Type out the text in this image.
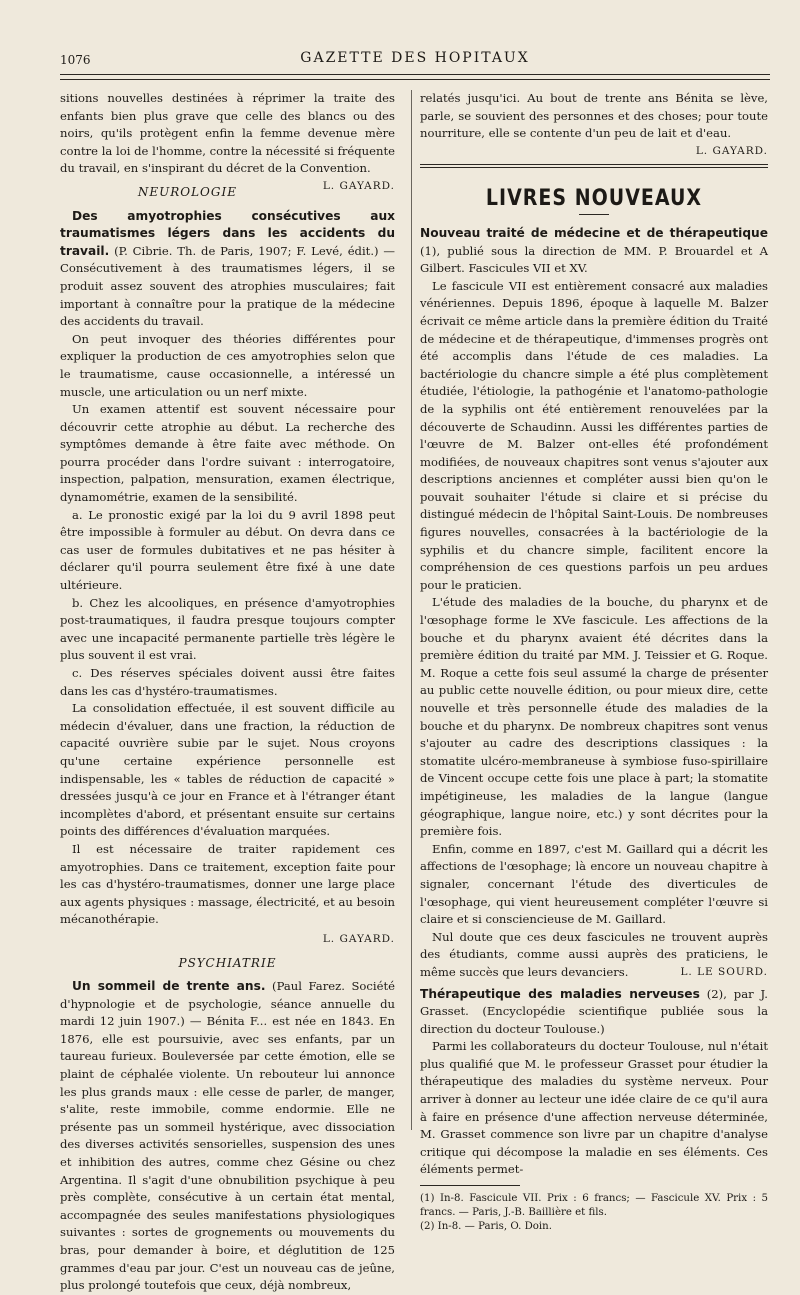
1076	GAZETTE DES HOPITAUX

sitions nouvelles destinées à réprimer la traite des enfants bien plus grave que celle des blancs ou des noirs, qu'ils protègent enfin la femme devenue mère contre la loi de l'homme, contre la nécessité si fréquente du travail, en s'inspirant du décret de la Convention.
L. GAYARD.

NEUROLOGIE

Des amyotrophies consécutives aux traumatismes légers dans les accidents du travail. (P. Cibrie. Th. de Paris, 1907; F. Levé, édit.) — Consécutivement à des traumatismes légers, il se produit assez souvent des atrophies musculaires; fait important à connaître pour la pratique de la médecine des accidents du travail.

On peut invoquer des théories différentes pour expliquer la production de ces amyotrophies selon que le traumatisme, cause occasionnelle, a intéressé un muscle, une articulation ou un nerf mixte.

Un examen attentif est souvent nécessaire pour découvrir cette atrophie au début. La recherche des symptômes demande à être faite avec méthode. On pourra procéder dans l'ordre suivant : interrogatoire, inspection, palpation, mensuration, examen électrique, dynamométrie, examen de la sensibilité.

a. Le pronostic exigé par la loi du 9 avril 1898 peut être impossible à formuler au début. On devra dans ce cas user de formules dubitatives et ne pas hésiter à déclarer qu'il pourra seulement être fixé à une date ultérieure.

b. Chez les alcooliques, en présence d'amyotrophies post-traumatiques, il faudra presque toujours compter avec une incapacité permanente partielle très légère le plus souvent il est vrai.

c. Des réserves spéciales doivent aussi être faites dans les cas d'hystéro-traumatismes.

La consolidation effectuée, il est souvent difficile au médecin d'évaluer, dans une fraction, la réduction de capacité ouvrière subie par le sujet. Nous croyons qu'une certaine expérience personnelle est indispensable, les « tables de réduction de capacité » dressées jusqu'à ce jour en France et à l'étranger étant incomplètes d'abord, et présentant ensuite sur certains points des différences d'évaluation marquées.

Il est nécessaire de traiter rapidement ces amyotrophies. Dans ce traitement, exception faite pour les cas d'hystéro-traumatismes, donner une large place aux agents physiques : massage, électricité, et au besoin mécanothérapie.

L. GAYARD.
PSYCHIATRIE

Un sommeil de trente ans. (Paul Farez. Société d'hypnologie et de psychologie, séance annuelle du mardi 12 juin 1907.) — Bénita F... est née en 1843. En 1876, elle est poursuivie, avec ses enfants, par un taureau furieux. Bouleversée par cette émotion, elle se plaint de céphalée violente. Un rebouteur lui annonce les plus grands maux : elle cesse de parler, de manger, s'alite, reste immobile, comme endormie. Elle ne présente pas un sommeil hystérique, avec dissociation des diverses activités sensorielles, suspension des unes et inhibition des autres, comme chez Gésine ou chez Argentina. Il s'agit d'une obnubilition psychique à peu près complète, consécutive à un certain état mental, accompagnée des seules manifestations physiologiques suivantes : sortes de grognements ou mouvements du bras, pour demander à boire, et déglutition de 125 grammes d'eau par jour. C'est un nouveau cas de jeûne, plus prolongé toutefois que ceux, déjà nombreux,

relatés jusqu'ici. Au bout de trente ans Bénita se lève, parle, se souvient des personnes et des choses; pour toute nourriture, elle se contente d'un peu de lait et d'eau.
L. GAYARD.

LIVRES NOUVEAUX

Nouveau traité de médecine et de thérapeutique (1), publié sous la direction de MM. P. Brouardel et A Gilbert. Fascicules VII et XV.

Le fascicule VII est entièrement consacré aux maladies vénériennes. Depuis 1896, époque à laquelle M. Balzer écrivait ce même article dans la première édition du Traité de médecine et de thérapeutique, d'immenses progrès ont été accomplis dans l'étude de ces maladies. La bactériologie du chancre simple a été plus complètement étudiée, l'étiologie, la pathogénie et l'anatomo-pathologie de la syphilis ont été entièrement renouvelées par la découverte de Schaudinn. Aussi les différentes parties de l'œuvre de M. Balzer ont-elles été profondément modifiées, de nouveaux chapitres sont venus s'ajouter aux descriptions anciennes et compléter aussi bien qu'on le pouvait souhaiter l'étude si claire et si précise du distingué médecin de l'hôpital Saint-Louis. De nombreuses figures nouvelles, consacrées à la bactériologie de la syphilis et du chancre simple, facilitent encore la compréhension de ces questions parfois un peu ardues pour le praticien.

L'étude des maladies de la bouche, du pharynx et de l'œsophage forme le XVe fascicule. Les affections de la bouche et du pharynx avaient été décrites dans la première édition du traité par MM. J. Teissier et G. Roque. M. Roque a cette fois seul assumé la charge de présenter au public cette nouvelle édition, ou pour mieux dire, cette nouvelle et très personnelle étude des maladies de la bouche et du pharynx. De nombreux chapitres sont venus s'ajouter au cadre des descriptions classiques : la stomatite ulcéro-membraneuse à symbiose fuso-spirillaire de Vincent occupe cette fois une place à part; la stomatite impétigineuse, les maladies de la langue (langue géographique, langue noire, etc.) y sont décrites pour la première fois.

Enfin, comme en 1897, c'est M. Gaillard qui a décrit les affections de l'œsophage; là encore un nouveau chapitre à signaler, concernant l'étude des diverticules de l'œsophage, qui vient heureusement compléter l'œuvre si claire et si consciencieuse de M. Gaillard.

Nul doute que ces deux fascicules ne trouvent auprès des étudiants, comme aussi auprès des praticiens, le même succès que leurs devanciers.	L. LE SOURD.

Thérapeutique des maladies nerveuses (2), par J. Grasset. (Encyclopédie scientifique publiée sous la direction du docteur Toulouse.)

Parmi les collaborateurs du docteur Toulouse, nul n'était plus qualifié que M. le professeur Grasset pour étudier la thérapeutique des maladies du système nerveux. Pour arriver à donner au lecteur une idée claire de ce qu'il aura à faire en présence d'une affection nerveuse déterminée, M. Grasset commence son livre par un chapitre d'analyse critique qui décompose la maladie en ses éléments. Ces éléments permet-

(1) In-8. Fascicule VII. Prix : 6 francs; — Fascicule XV. Prix : 5 francs. — Paris, J.-B. Baillière et fils.

(2) In-8. — Paris, O. Doin.
